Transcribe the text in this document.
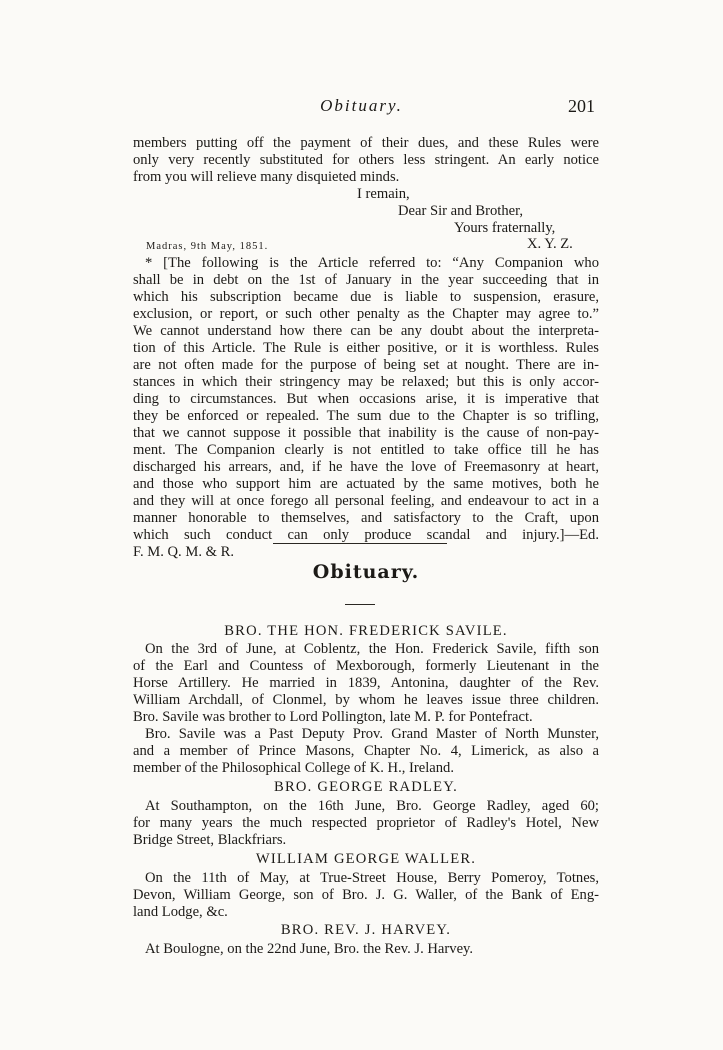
Obituary.	201
members putting off the payment of their dues, and these Rules were
only very recently substituted for others less stringent. An early notice
from you will relieve many disquieted minds.
I remain,
Dear Sir and Brother,
Yours fraternally,
Madras, 9th May, 1851.	X. Y. Z.
* [The following is the Article referred to: “Any Companion who
shall be in debt on the 1st of January in the year succeeding that in
which his subscription became due is liable to suspension, erasure,
exclusion, or report, or such other penalty as the Chapter may agree to.”
We cannot understand how there can be any doubt about the interpreta-
tion of this Article. The Rule is either positive, or it is worthless. Rules
are not often made for the purpose of being set at nought. There are in-
stances in which their stringency may be relaxed; but this is only accor-
ding to circumstances. But when occasions arise, it is imperative that
they be enforced or repealed. The sum due to the Chapter is so trifling,
that we cannot suppose it possible that inability is the cause of non-pay-
ment. The Companion clearly is not entitled to take office till he has
discharged his arrears, and, if he have the love of Freemasonry at heart,
and those who support him are actuated by the same motives, both he
and they will at once forego all personal feeling, and endeavour to act in a
manner honorable to themselves, and satisfactory to the Craft, upon
which such conduct can only produce scandal and injury.]—Ed.
F. M. Q. M. & R.
Obituary.
BRO. THE HON. FREDERICK SAVILE.
On the 3rd of June, at Coblentz, the Hon. Frederick Savile, fifth son
of the Earl and Countess of Mexborough, formerly Lieutenant in the
Horse Artillery. He married in 1839, Antonina, daughter of the Rev.
William Archdall, of Clonmel, by whom he leaves issue three children.
Bro. Savile was brother to Lord Pollington, late M. P. for Pontefract.
Bro. Savile was a Past Deputy Prov. Grand Master of North Munster,
and a member of Prince Masons, Chapter No. 4, Limerick, as also a
member of the Philosophical College of K. H., Ireland.
BRO. GEORGE RADLEY.
At Southampton, on the 16th June, Bro. George Radley, aged 60;
for many years the much respected proprietor of Radley's Hotel, New
Bridge Street, Blackfriars.
WILLIAM GEORGE WALLER.
On the 11th of May, at True-Street House, Berry Pomeroy, Totnes,
Devon, William George, son of Bro. J. G. Waller, of the Bank of Eng-
land Lodge, &c.
BRO. REV. J. HARVEY.
At Boulogne, on the 22nd June, Bro. the Rev. J. Harvey.
